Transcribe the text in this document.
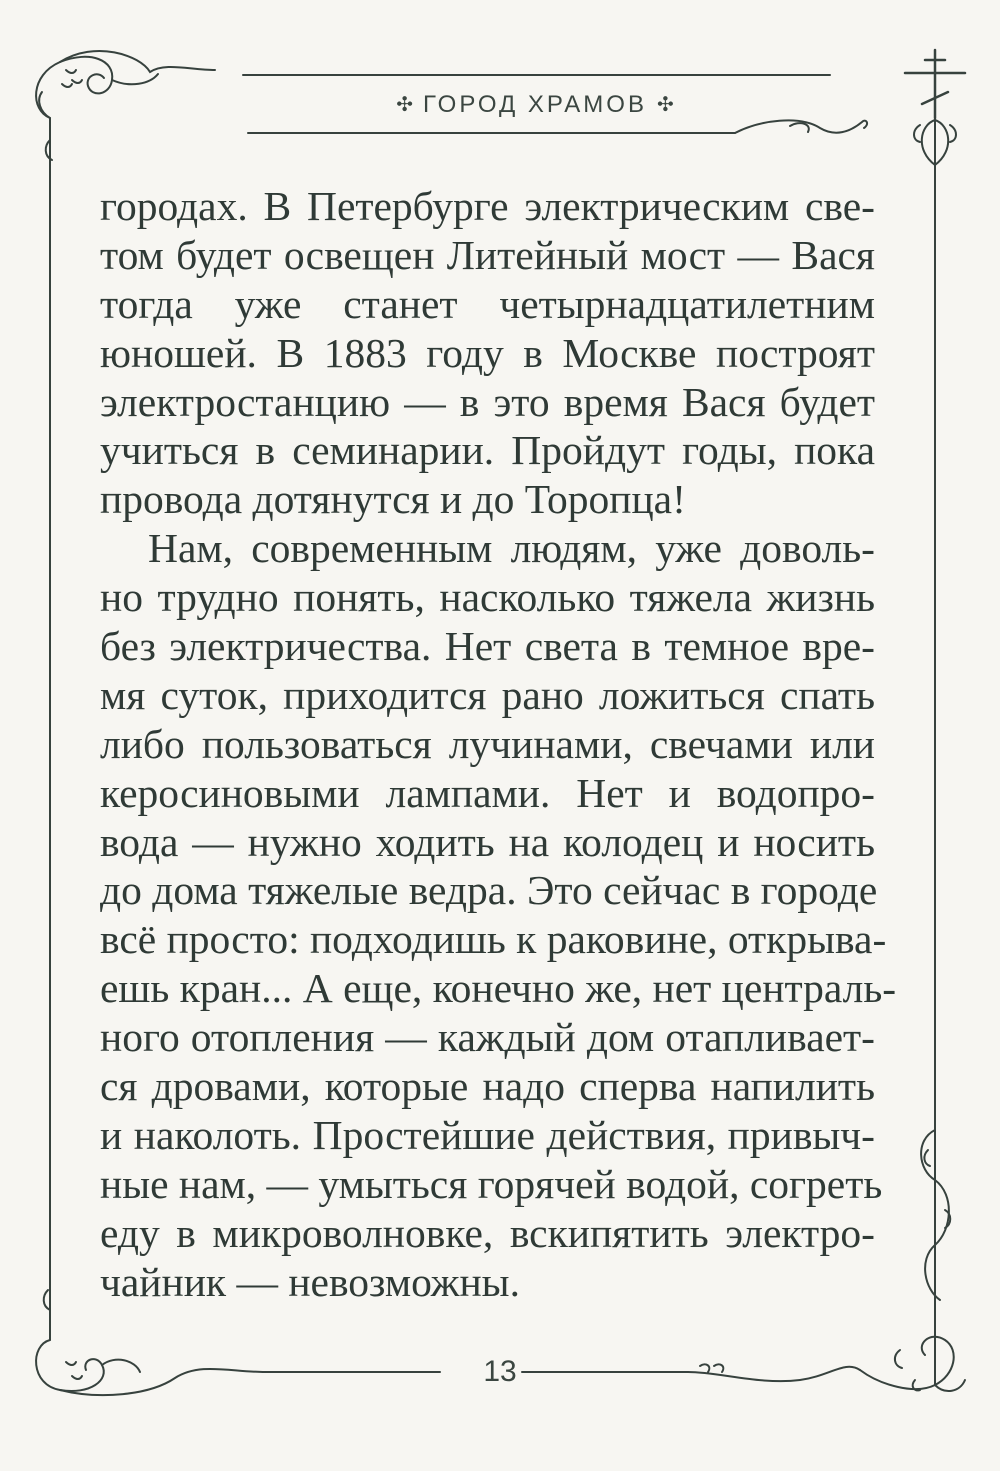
✣ ГОРОД ХРАМОВ ✣
городах. В Петербурге электрическим све-
том будет освещен Литейный мост — Вася
тогда уже станет четырнадцатилетним
юношей. В 1883 году в Москве построят
электростанцию — в это время Вася будет
учиться в семинарии. Пройдут годы, пока
провода дотянутся и до Торопца!
Нам, современным людям, уже доволь-
но трудно понять, насколько тяжела жизнь
без электричества. Нет света в темное вре-
мя суток, приходится рано ложиться спать
либо пользоваться лучинами, свечами или
керосиновыми лампами. Нет и водопро-
вода — нужно ходить на колодец и носить
до дома тяжелые ведра. Это сейчас в городе
всё просто: подходишь к раковине, открыва-
ешь кран... А еще, конечно же, нет централь-
ного отопления — каждый дом отапливает-
ся дровами, которые надо сперва напилить
и наколоть. Простейшие действия, привыч-
ные нам, — умыться горячей водой, согреть
еду в микроволновке, вскипятить электро-
чайник — невозможны.
13
